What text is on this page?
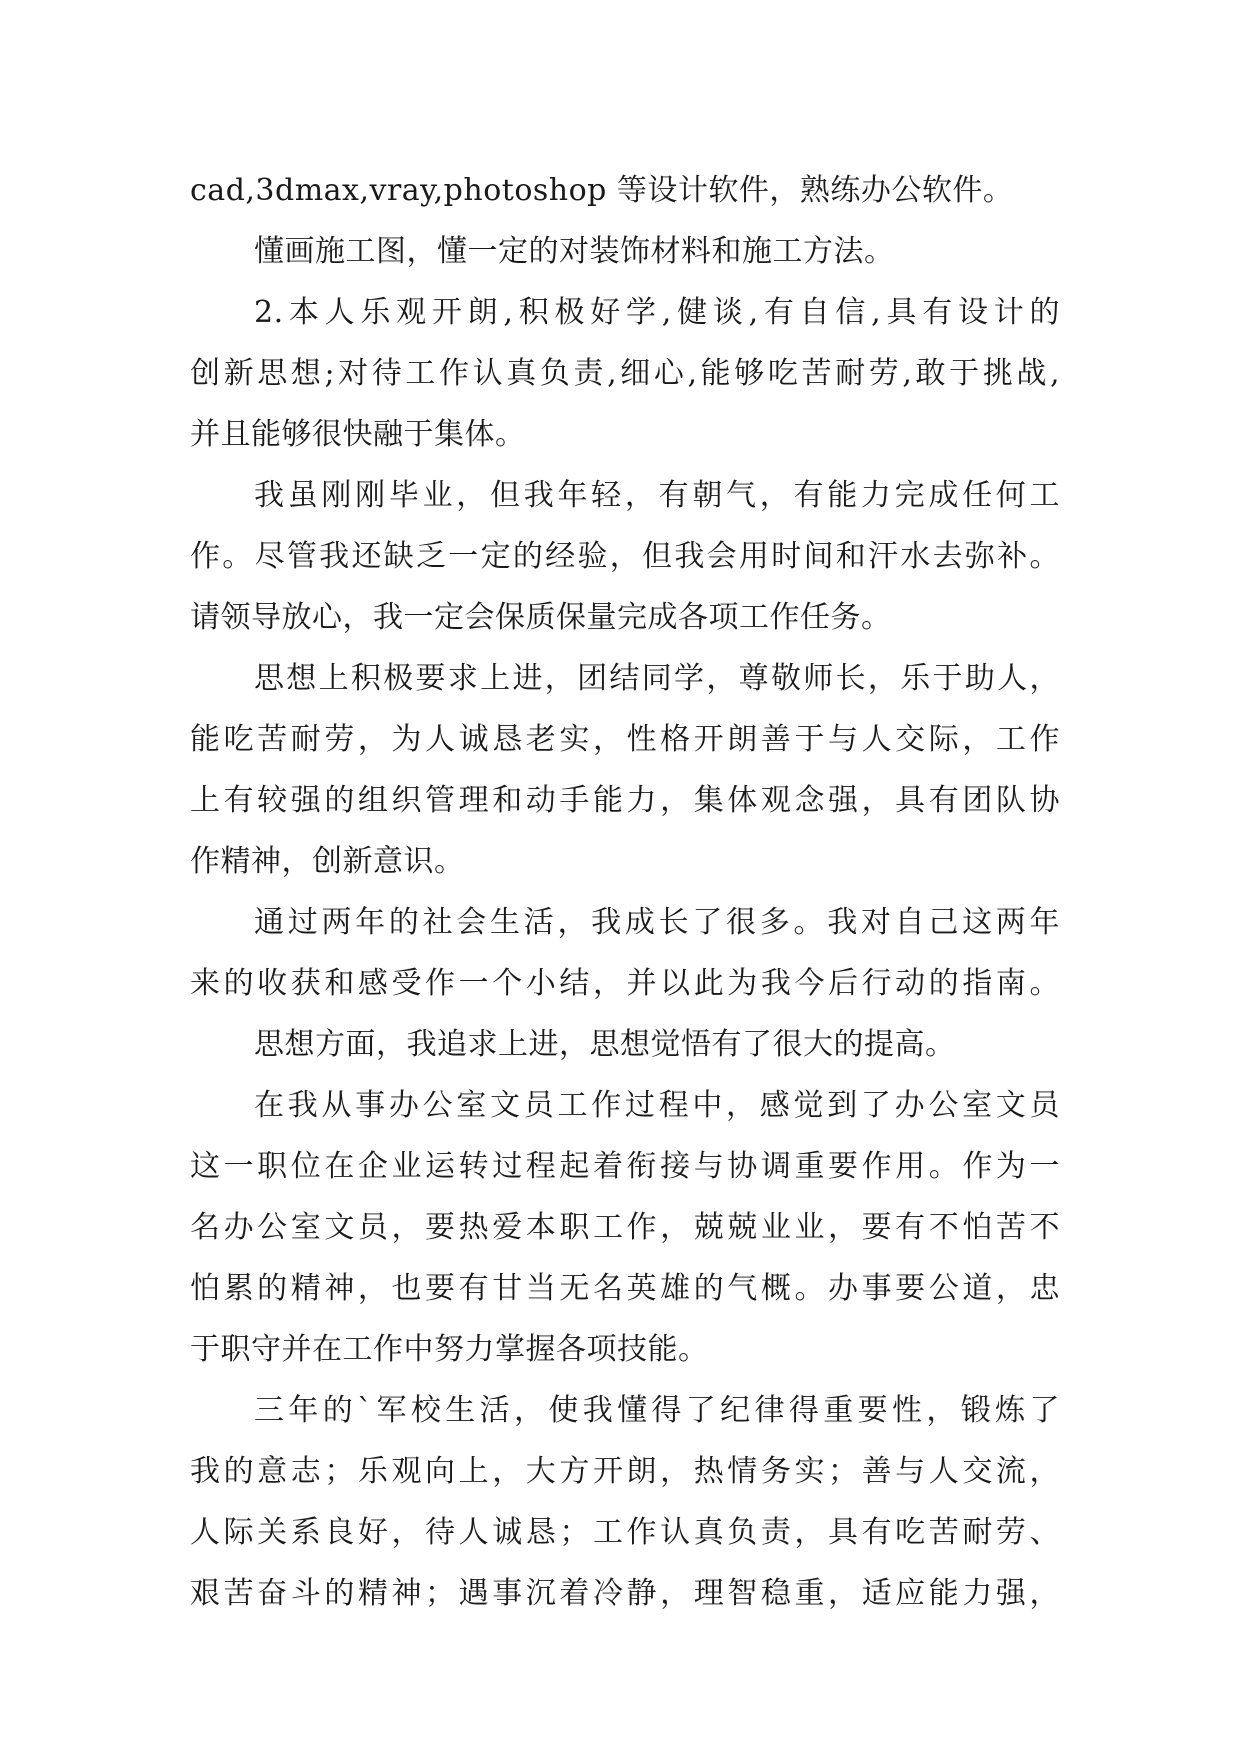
cad,3dmax,vray,photoshop 等设计软件，熟练办公软件。
懂画施工图，懂一定的对装饰材料和施工方法。
2.本人乐观开朗,积极好学,健谈,有自信,具有设计的
创新思想;对待工作认真负责,细心,能够吃苦耐劳,敢于挑战,
并且能够很快融于集体。
我虽刚刚毕业，但我年轻，有朝气，有能力完成任何工
作。尽管我还缺乏一定的经验，但我会用时间和汗水去弥补。
请领导放心，我一定会保质保量完成各项工作任务。
思想上积极要求上进，团结同学，尊敬师长，乐于助人，
能吃苦耐劳，为人诚恳老实，性格开朗善于与人交际，工作
上有较强的组织管理和动手能力，集体观念强，具有团队协
作精神，创新意识。
通过两年的社会生活，我成长了很多。我对自己这两年
来的收获和感受作一个小结，并以此为我今后行动的指南。
思想方面，我追求上进，思想觉悟有了很大的提高。
在我从事办公室文员工作过程中，感觉到了办公室文员
这一职位在企业运转过程起着衔接与协调重要作用。作为一
名办公室文员，要热爱本职工作，兢兢业业，要有不怕苦不
怕累的精神，也要有甘当无名英雄的气概。办事要公道，忠
于职守并在工作中努力掌握各项技能。
三年的`军校生活，使我懂得了纪律得重要性，锻炼了
我的意志；乐观向上，大方开朗，热情务实；善与人交流，
人际关系良好，待人诚恳；工作认真负责，具有吃苦耐劳、
艰苦奋斗的精神；遇事沉着冷静，理智稳重，适应能力强，
